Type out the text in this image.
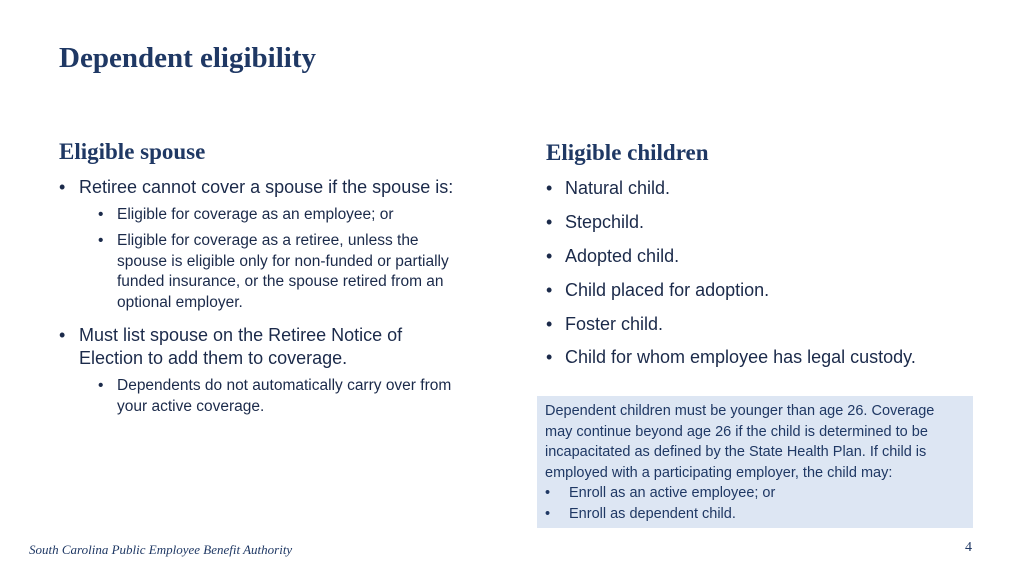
Dependent eligibility
Eligible spouse
• Retiree cannot cover a spouse if the spouse is:
• Eligible for coverage as an employee; or
• Eligible for coverage as a retiree, unless the spouse is eligible only for non-funded or partially funded insurance, or the spouse retired from an optional employer.
• Must list spouse on the Retiree Notice of Election to add them to coverage.
• Dependents do not automatically carry over from your active coverage.
Eligible children
• Natural child.
• Stepchild.
• Adopted child.
• Child placed for adoption.
• Foster child.
• Child for whom employee has legal custody.

Dependent children must be younger than age 26. Coverage may continue beyond age 26 if the child is determined to be incapacitated as defined by the State Health Plan. If child is employed with a participating employer, the child may:

• Enroll as an active employee; or
• Enroll as dependent child.
South Carolina Public Employee Benefit Authority	4
